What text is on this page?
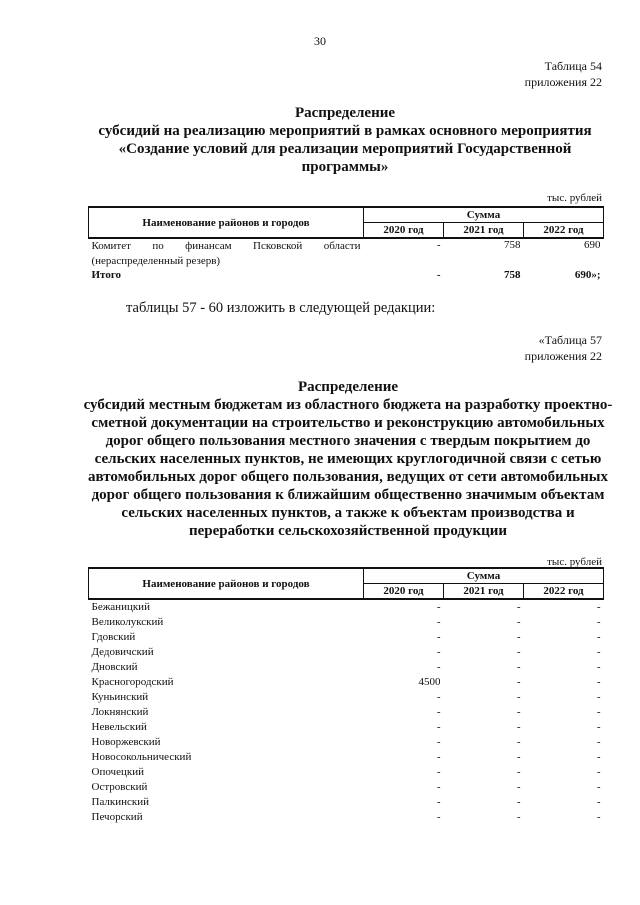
30
Таблица 54
приложения 22
Распределение
субсидий на реализацию мероприятий в рамках основного мероприятия «Создание условий для реализации мероприятий Государственной программы»
тыс. рублей
Наименование районов и городов	Сумма		
	2020 год	2021 год	2022 год
Комитет по финансам Псковской области (нераспределенный резерв)	-	758	690
Итого	-	758	690»;
таблицы 57 - 60 изложить в следующей редакции:
«Таблица 57
приложения 22
Распределение
субсидий местным бюджетам из областного бюджета на разработку проектно-сметной документации на строительство и реконструкцию автомобильных дорог общего пользования местного значения с твердым покрытием до сельских населенных пунктов, не имеющих круглогодичной связи с сетью автомобильных дорог общего пользования, ведущих от сети автомобильных дорог общего пользования к ближайшим общественно значимым объектам сельских населенных пунктов, а также к объектам производства и переработки сельскохозяйственной продукции
тыс. рублей
Наименование районов и городов	Сумма		
	2020 год	2021 год	2022 год
Бежаницкий	-	-	-
Великолукский	-	-	-
Гдовский	-	-	-
Дедовичский	-	-	-
Дновский	-	-	-
Красногородский	4500	-	-
Куньинский	-	-	-
Локнянский	-	-	-
Невельский	-	-	-
Новоржевский	-	-	-
Новосокольнический	-	-	-
Опочецкий	-	-	-
Островский	-	-	-
Палкинский	-	-	-
Печорский	-	-	-
